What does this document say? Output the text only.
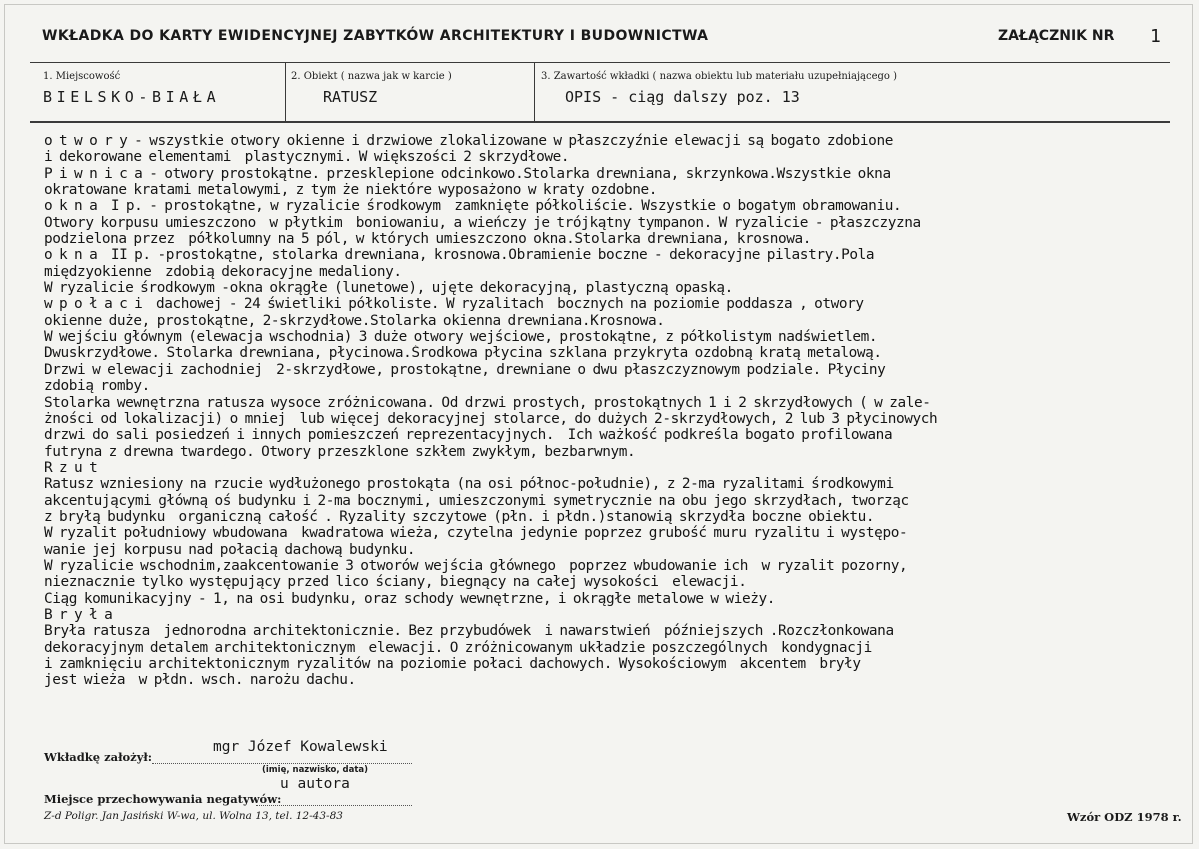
WKŁADKA DO KARTY EWIDENCYJNEJ ZABYTKÓW ARCHITEKTURY I BUDOWNICTWA	ZAŁĄCZNIK NR 1
1. Miejscowość
BIELSKO-BIAŁA
2. Obiekt ( nazwa jak w karcie )
RATUSZ
3. Zawartość wkładki ( nazwa obiektu lub materiału uzupełniającego )
OPIS - ciąg dalszy poz. 13
o t w o r y - wszystkie otwory okienne i drzwiowe zlokalizowane w płaszczyźnie elewacji są bogato zdobione
i dekorowane elementami  plastycznymi. W większości 2 skrzydłowe.
P i w n i c a - otwory prostokątne. przesklepione odcinkowo.Stolarka drewniana, skrzynkowa.Wszystkie okna
okratowane kratami metalowymi, z tym że niektóre wyposażono w kraty ozdobne.
o k n a  I p. - prostokątne, w ryzalicie środkowym  zamknięte półkoliście. Wszystkie o bogatym obramowaniu.
Otwory korpusu umieszczono  w płytkim  boniowaniu, a wieńczy je trójkątny tympanon. W ryzalicie - płaszczyzna
podzielona przez  półkolumny na 5 pól, w których umieszczono okna.Stolarka drewniana, krosnowa.
o k n a  II p. -prostokątne, stolarka drewniana, krosnowa.Obramienie boczne - dekoracyjne pilastry.Pola
międzyokienne  zdobią dekoracyjne medaliony.
W ryzalicie środkowym -okna okrągłe (lunetowe), ujęte dekoracyjną, plastyczną opaską.
w p o ł a c i  dachowej - 24 świetliki półkoliste. W ryzalitach  bocznych na poziomie poddasza , otwory
okienne duże, prostokątne, 2-skrzydłowe.Stolarka okienna drewniana.Krosnowa.
W wejściu głównym (elewacja wschodnia) 3 duże otwory wejściowe, prostokątne, z półkolistym nadświetlem.
Dwuskrzydłowe. Stolarka drewniana, płycinowa.Środkowa płycina szklana przykryta ozdobną kratą metalową.
Drzwi w elewacji zachodniej  2-skrzydłowe, prostokątne, drewniane o dwu płaszczyznowym podziale. Płyciny
zdobią romby.
Stolarka wewnętrzna ratusza wysoce zróżnicowana. Od drzwi prostych, prostokątnych 1 i 2 skrzydłowych ( w zale-
żności od lokalizacji) o mniej  lub więcej dekoracyjnej stolarce, do dużych 2-skrzydłowych, 2 lub 3 płycinowych
drzwi do sali posiedzeń i innych pomieszczeń reprezentacyjnych.  Ich ważkość podkreśla bogato profilowana
futryna z drewna twardego. Otwory przeszklone szkłem zwykłym, bezbarwnym.
R z u t
Ratusz wzniesiony na rzucie wydłużonego prostokąta (na osi północ-południe), z 2-ma ryzalitami środkowymi
akcentującymi główną oś budynku i 2-ma bocznymi, umieszczonymi symetrycznie na obu jego skrzydłach, tworząc
z bryłą budynku  organiczną całość . Ryzality szczytowe (płn. i płdn.)stanowią skrzydła boczne obiektu.
W ryzalit południowy wbudowana  kwadratowa wieża, czytelna jedynie poprzez grubość muru ryzalitu i występo-
wanie jej korpusu nad połacią dachową budynku.
W ryzalicie wschodnim,zaakcentowanie 3 otworów wejścia głównego  poprzez wbudowanie ich  w ryzalit pozorny,
nieznacznie tylko występujący przed lico ściany, biegnący na całej wysokości  elewacji.
Ciąg komunikacyjny - 1, na osi budynku, oraz schody wewnętrzne, i okrągłe metalowe w wieży.
B r y ł a
Bryła ratusza  jednorodna architektonicznie. Bez przybudówek  i nawarstwień  późniejszych .Rozczłonkowana
dekoracyjnym detalem architektonicznym  elewacji. O zróżnicowanym układzie poszczególnych  kondygnacji
i zamknięciu architektonicznym ryzalitów na poziomie połaci dachowych. Wysokościowym  akcentem  bryły
jest wieża  w płdn. wsch. narożu dachu.
Wkładkę założył:
mgr Józef Kowalewski
(imię, nazwisko, data)
u autora
Miejsce przechowywania negatywów:
Z-d Poligr. Jan Jasiński W-wa, ul. Wolna 13, tel. 12-43-83	Wzór ODZ 1978 r.
